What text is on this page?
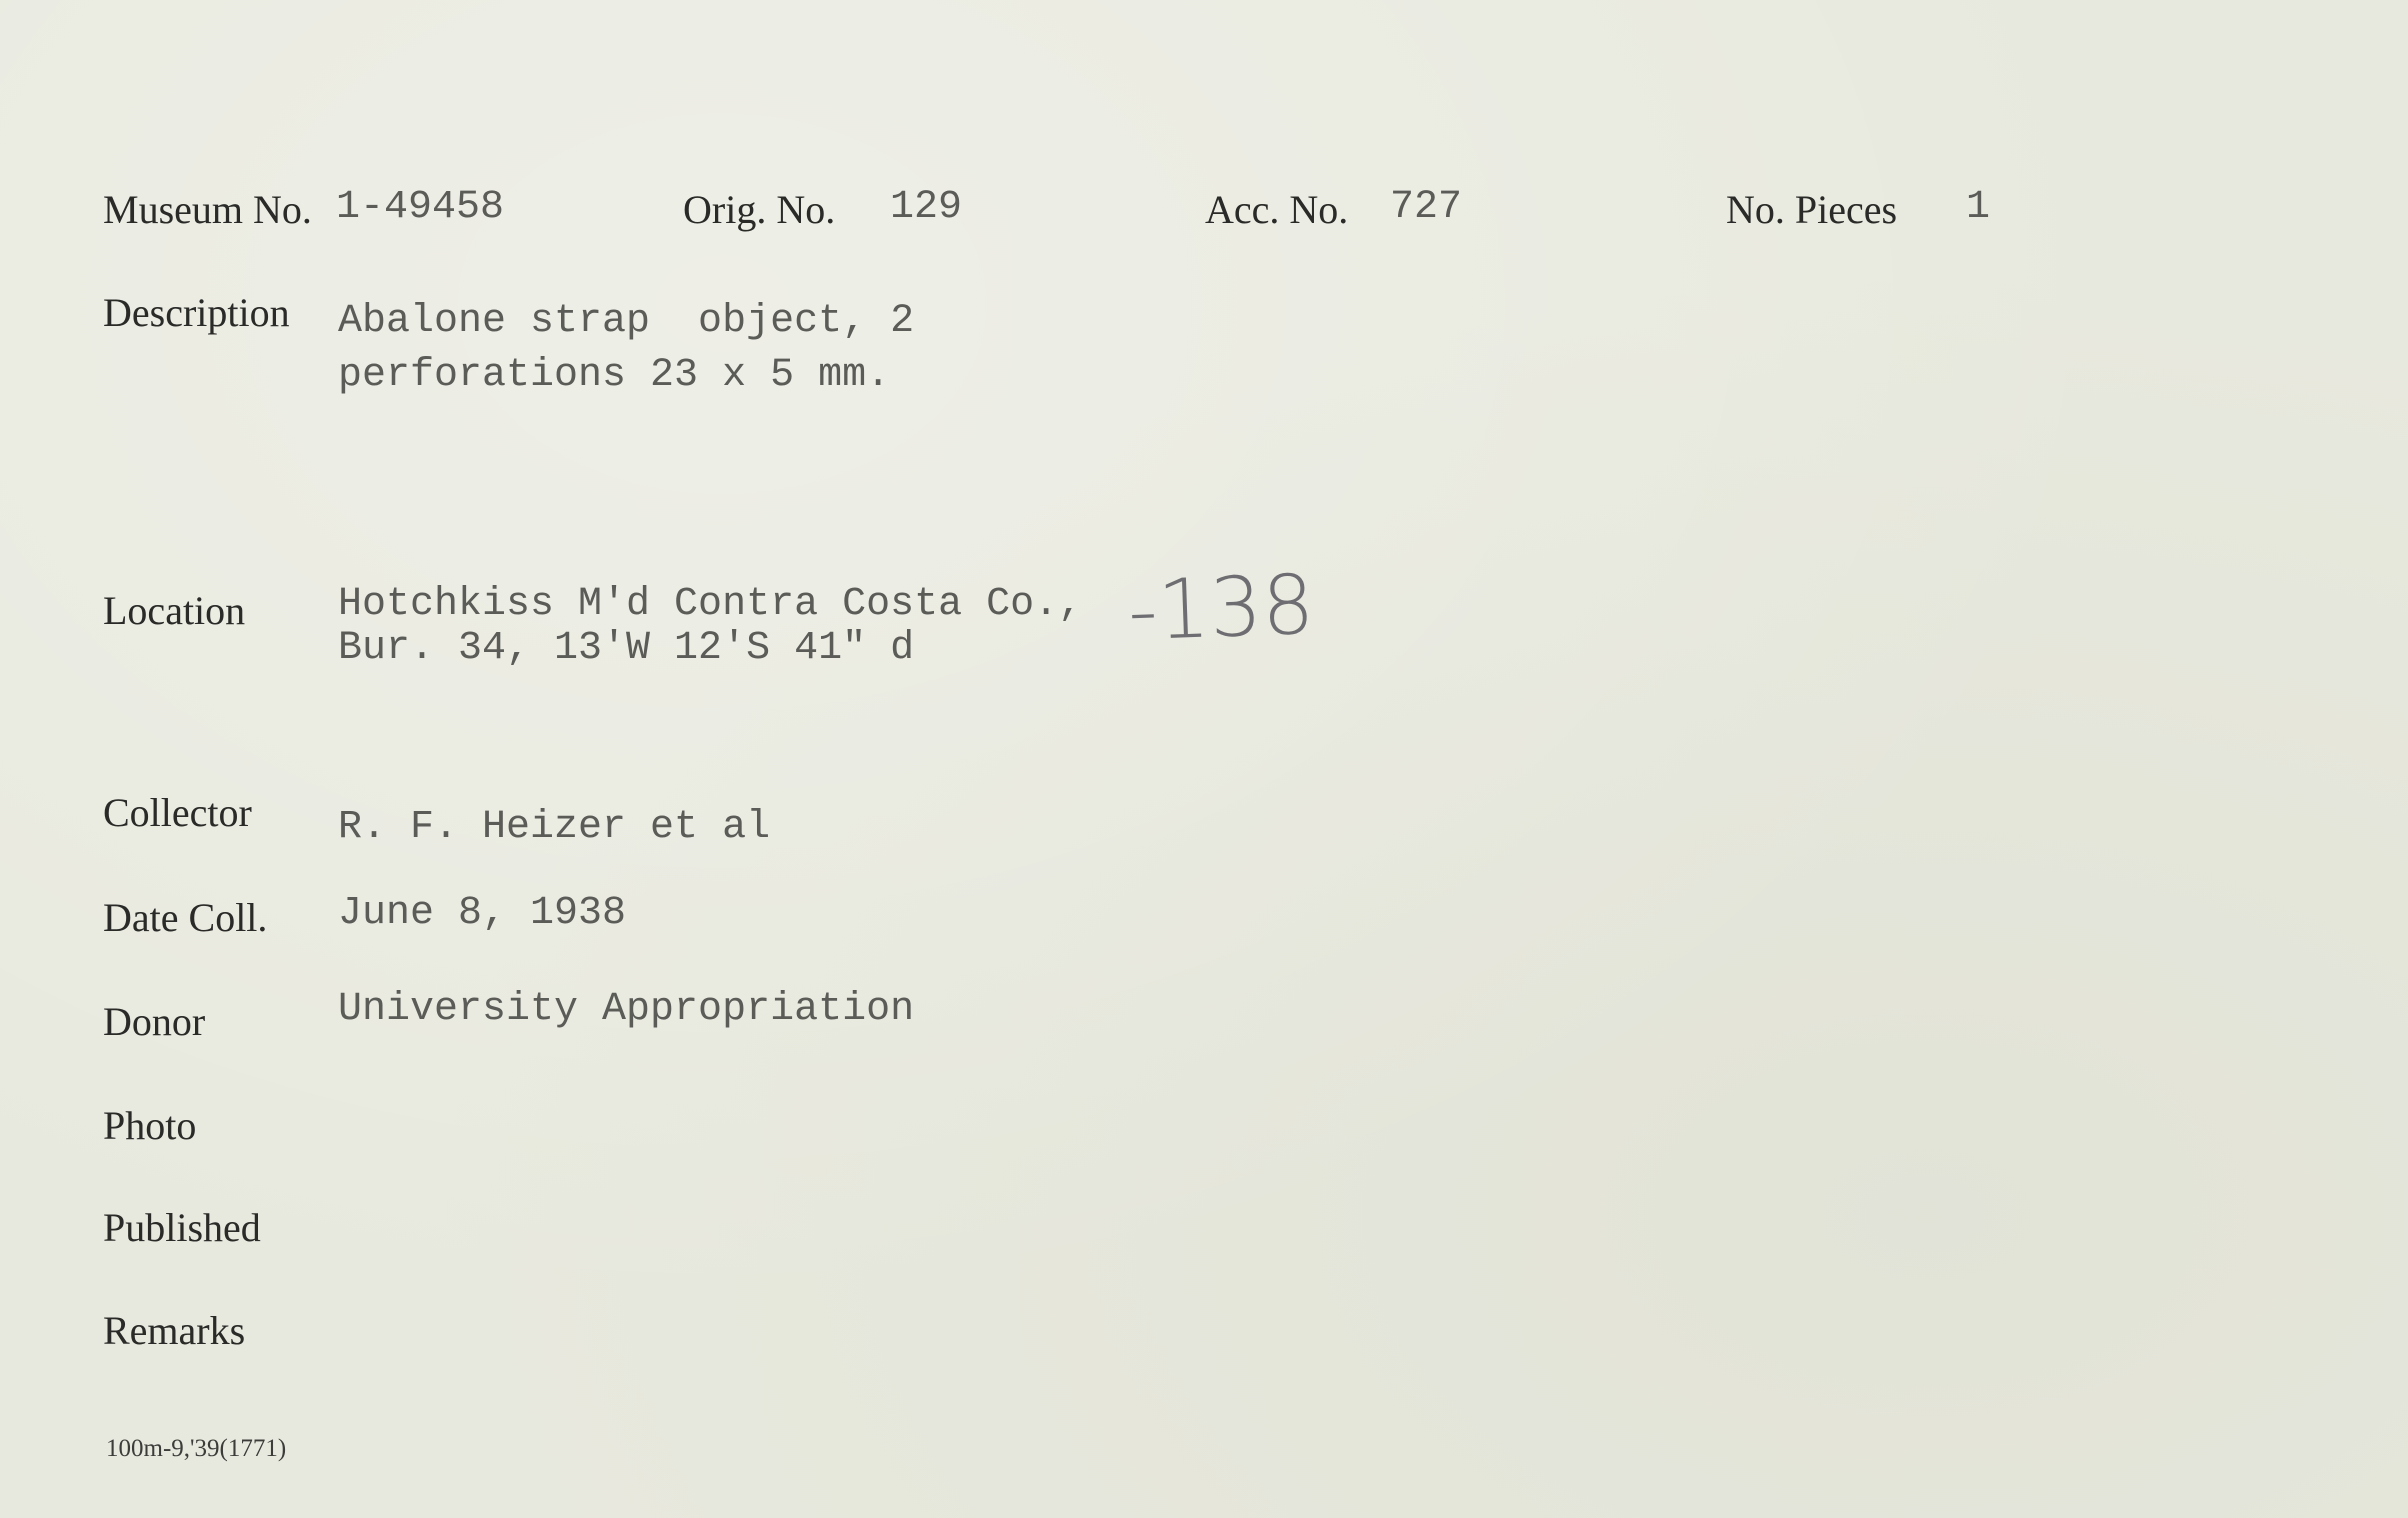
Museum No. 1-49458	Orig. No. 129	Acc. No. 727	No. Pieces 1
Description Abalone strap  object, 2
perforations 23 x 5 mm.
Location Hotchkiss M'd Contra Costa Co.,
Bur. 34, 13'W 12'S 41" d	-138
Collector R. F. Heizer et al
Date Coll. June 8, 1938
Donor	University Appropriation
Photo
Published
Remarks
100m-9,'39(1771)
